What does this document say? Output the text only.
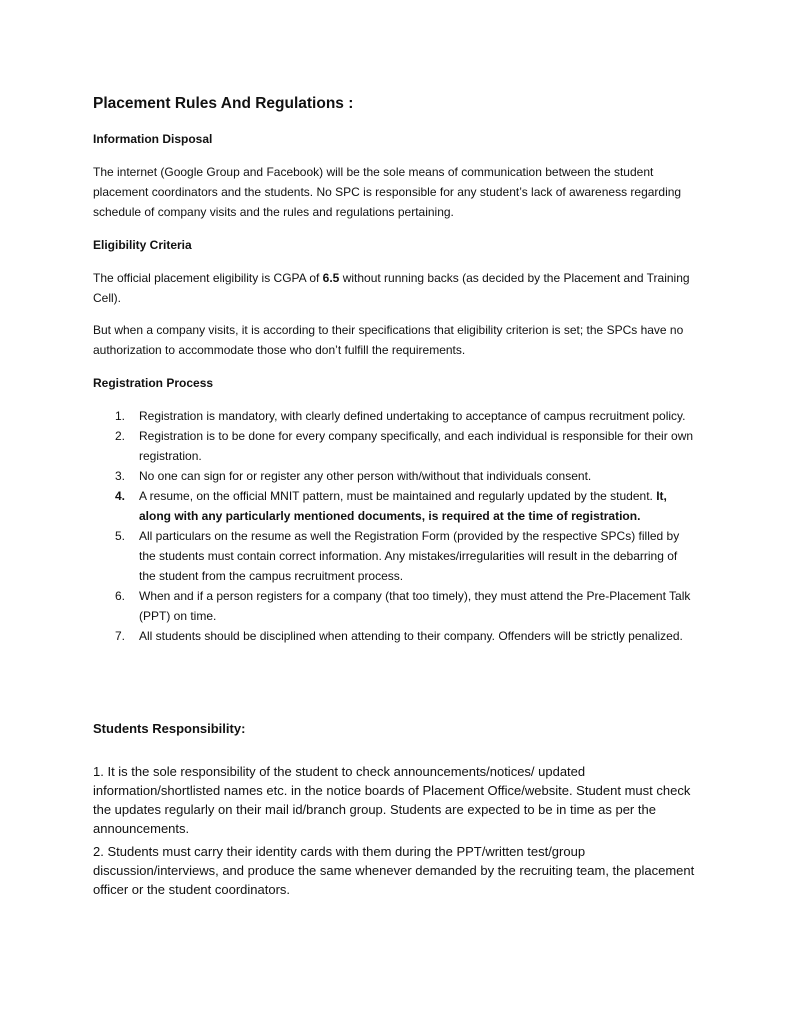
Placement Rules And Regulations :
Information Disposal

The internet (Google Group and Facebook) will be the sole means of communication between the student placement coordinators and the students. No SPC is responsible for any student’s lack of awareness regarding schedule of company visits and the rules and regulations pertaining.

Eligibility Criteria

The official placement eligibility is CGPA of 6.5 without running backs (as decided by the Placement and Training Cell).

But when a company visits, it is according to their specifications that eligibility criterion is set; the SPCs have no authorization to accommodate those who don’t fulfill the requirements.

Registration Process
1. Registration is mandatory, with clearly defined undertaking to acceptance of campus recruitment policy.
2. Registration is to be done for every company specifically, and each individual is responsible for their own registration.
3. No one can sign for or register any other person with/without that individuals consent.
4. A resume, on the official MNIT pattern, must be maintained and regularly updated by the student. It, along with any particularly mentioned documents, is required at the time of registration.
5. All particulars on the resume as well the Registration Form (provided by the respective SPCs) filled by the students must contain correct information. Any mistakes/irregularities will result in the debarring of the student from the campus recruitment process.
6. When and if a person registers for a company (that too timely), they must attend the Pre-Placement Talk (PPT) on time.
7. All students should be disciplined when attending to their company. Offenders will be strictly penalized.
Students Responsibility:

1. It is the sole responsibility of the student to check announcements/notices/ updated information/shortlisted names etc. in the notice boards of Placement Office/website. Student must check the updates regularly on their mail id/branch group. Students are expected to be in time as per the announcements.

2. Students must carry their identity cards with them during the PPT/written test/group discussion/interviews, and produce the same whenever demanded by the recruiting team, the placement officer or the student coordinators.
